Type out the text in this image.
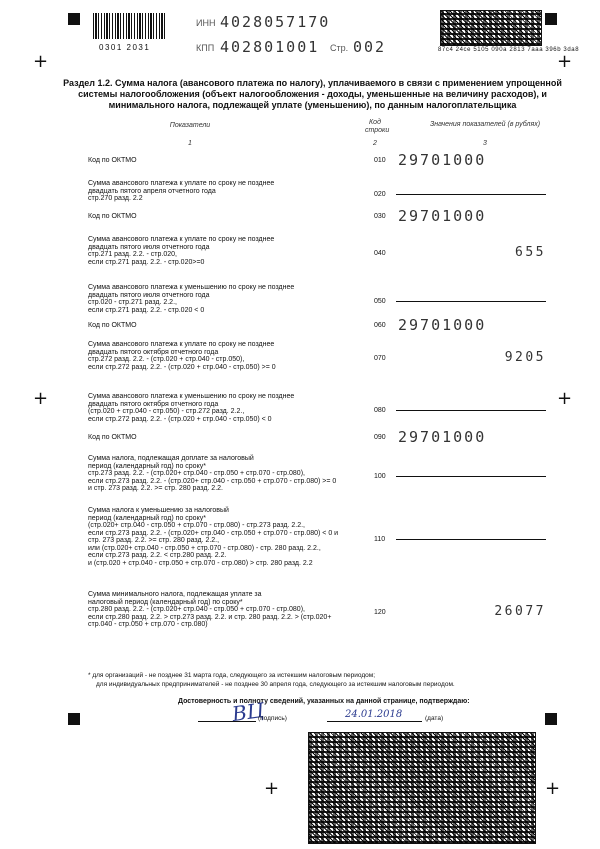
+	+
+	+
+	+
0301 2031
ИНН 4028057170
КПП 402801001 Стр. 002	87c4 24ce 5105 090a 2813 7aaa 396b 3da8
Раздел 1.2. Сумма налога (авансового платежа по налогу), уплачиваемого в связи с применением упрощенной системы налогообложения (объект налогообложения - доходы, уменьшенные на величину расходов), и минимального налога, подлежащей уплате (уменьшению), по данным налогоплательщика
Показатели	Код строки
Значения показателей (в рублях)
1	2	3
Код по ОКТМО	010 29701000
Сумма авансового платежа к уплате по сроку не позднее
двадцать пятого апреля отчетного года
стр.270 разд. 2.2
020
Код по ОКТМО	030 29701000
Сумма авансового платежа к уплате по сроку не позднее
двадцать пятого июля отчетного года
стр.271 разд. 2.2. - стр.020,
если стр.271 разд. 2.2. - стр.020>=0
040	655
Сумма авансового платежа к уменьшению по сроку не позднее
двадцать пятого июля отчетного года
стр.020 - стр.271 разд. 2.2.,
если стр.271 разд. 2.2. - стр.020 < 0
050
Код по ОКТМО	060 29701000
Сумма авансового платежа к уплате по сроку не позднее
двадцать пятого октября отчетного года
стр.272 разд. 2.2. - (стр.020 + стр.040 - стр.050),
если стр.272 разд. 2.2. - (стр.020 + стр.040 - стр.050) >= 0
070	9205
Сумма авансового платежа к уменьшению по сроку не позднее
двадцать пятого октября отчетного года
(стр.020 + стр.040 - стр.050) - стр.272 разд. 2.2.,
если стр.272 разд. 2.2. - (стр.020 + стр.040 - стр.050) < 0
080
Код по ОКТМО	090 29701000
Сумма налога, подлежащая доплате за налоговый
период (календарный год) по сроку*
стр.273 разд. 2.2. - (стр.020+ стр.040 - стр.050 + стр.070 - стр.080),
если стр.273 разд. 2.2. - (стр.020+ стр.040 - стр.050 + стр.070 - стр.080) >= 0
и стр. 273 разд. 2.2. >= стр. 280 разд. 2.2.
100
Сумма налога к уменьшению за налоговый
период (календарный год) по сроку*
(стр.020+ стр.040 - стр.050 + стр.070 - стр.080) - стр.273 разд. 2.2.,
если стр.273 разд. 2.2. - (стр.020+ стр.040 - стр.050 + стр.070 - стр.080) < 0 и
стр. 273 разд. 2.2. >= стр. 280 разд. 2.2.,
или (стр.020+ стр.040 - стр.050 + стр.070 - стр.080) - стр. 280 разд. 2.2.,
если стр.273 разд. 2.2. < стр.280 разд. 2.2.
и (стр.020 + стр.040 - стр.050 + стр.070 - стр.080) > стр. 280 разд. 2.2
110
Сумма минимального налога, подлежащая уплате за
налоговый период (календарный год) по сроку*
стр.280 разд. 2.2. - (стр.020+ стр.040 - стр.050 + стр.070 - стр.080),
если стр.280 разд. 2.2. > стр.273 разд. 2.2. и стр. 280 разд. 2.2. > (стр.020+
стр.040 - стр.050 + стр.070 - стр.080)
120	26077
* для организаций - не позднее 31 марта года, следующего за истекшим налоговым периодом;
для индивидуальных предпринимателей - не позднее 30 апреля года, следующего за истекшим налоговым периодом.
Достоверность и полноту сведений, указанных на данной странице, подтверждаю:
ВЦ
(подпись)	24.01.2018	(дата)
